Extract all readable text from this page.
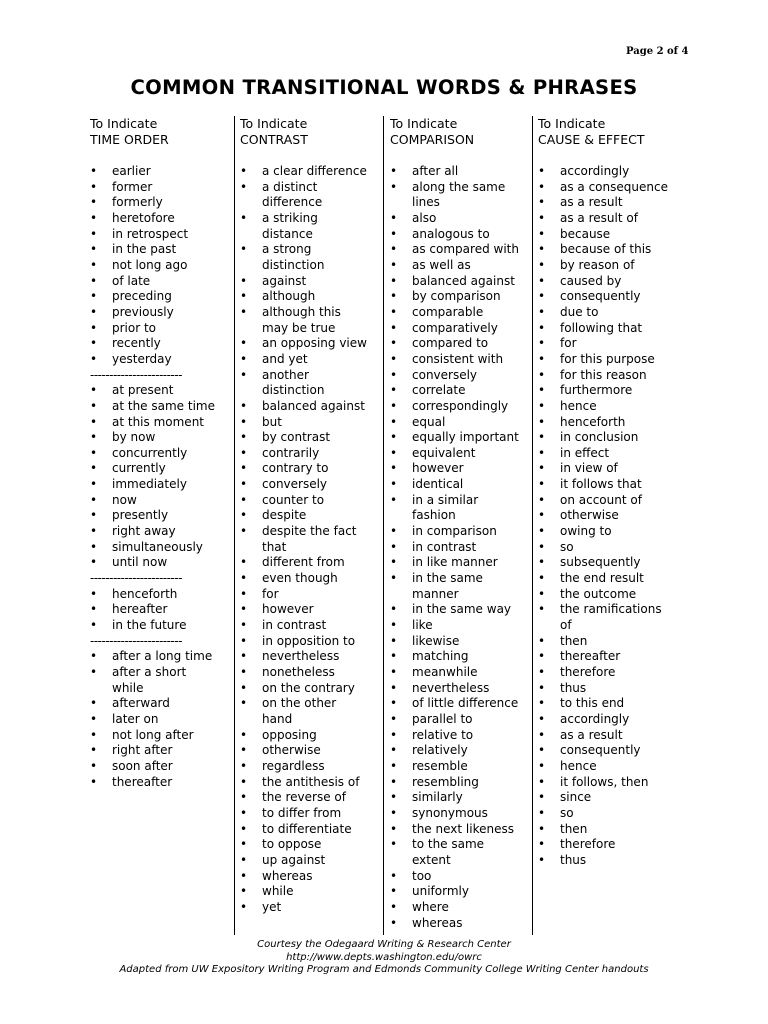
Page 2 of 4
COMMON TRANSITIONAL WORDS & PHRASES
To Indicate
TIME ORDER
• earlier
• former
• formerly
• heretofore
• in retrospect
• in the past
• not long ago
• of late
• preceding
• previously
• prior to
• recently
• yesterday
------------------------
• at present
• at the same time
• at this moment
• by now
• concurrently
• currently
• immediately
• now
• presently
• right away
• simultaneously
• until now
------------------------
• henceforth
• hereafter
• in the future
------------------------
• after a long time
• after a short
while
• afterward
• later on
• not long after
• right after
• soon after
• thereafter
To Indicate
CONTRAST
• a clear difference
• a distinct
difference
• a striking
distance
• a strong
distinction
• against
• although
• although this
may be true
• an opposing view
• and yet
• another
distinction
• balanced against
• but
• by contrast
• contrarily
• contrary to
• conversely
• counter to
• despite
• despite the fact
that
• different from
• even though
• for
• however
• in contrast
• in opposition to
• nevertheless
• nonetheless
• on the contrary
• on the other
hand
• opposing
• otherwise
• regardless
• the antithesis of
• the reverse of
• to differ from
• to differentiate
• to oppose
• up against
• whereas
• while
• yet
To Indicate
COMPARISON
• after all
• along the same
lines
• also
• analogous to
• as compared with
• as well as
• balanced against
• by comparison
• comparable
• comparatively
• compared to
• consistent with
• conversely
• correlate
• correspondingly
• equal
• equally important
• equivalent
• however
• identical
• in a similar
fashion
• in comparison
• in contrast
• in like manner
• in the same
manner
• in the same way
• like
• likewise
• matching
• meanwhile
• nevertheless
• of little difference
• parallel to
• relative to
• relatively
• resemble
• resembling
• similarly
• synonymous
• the next likeness
• to the same
extent
• too
• uniformly
• where
• whereas
To Indicate
CAUSE & EFFECT
• accordingly
• as a consequence
• as a result
• as a result of
• because
• because of this
• by reason of
• caused by
• consequently
• due to
• following that
• for
• for this purpose
• for this reason
• furthermore
• hence
• henceforth
• in conclusion
• in effect
• in view of
• it follows that
• on account of
• otherwise
• owing to
• so
• subsequently
• the end result
• the outcome
• the ramifications
of
• then
• thereafter
• therefore
• thus
• to this end
• accordingly
• as a result
• consequently
• hence
• it follows, then
• since
• so
• then
• therefore
• thus
Courtesy the Odegaard Writing & Research Center
http://www.depts.washington.edu/owrc
Adapted from UW Expository Writing Program and Edmonds Community College Writing Center handouts
